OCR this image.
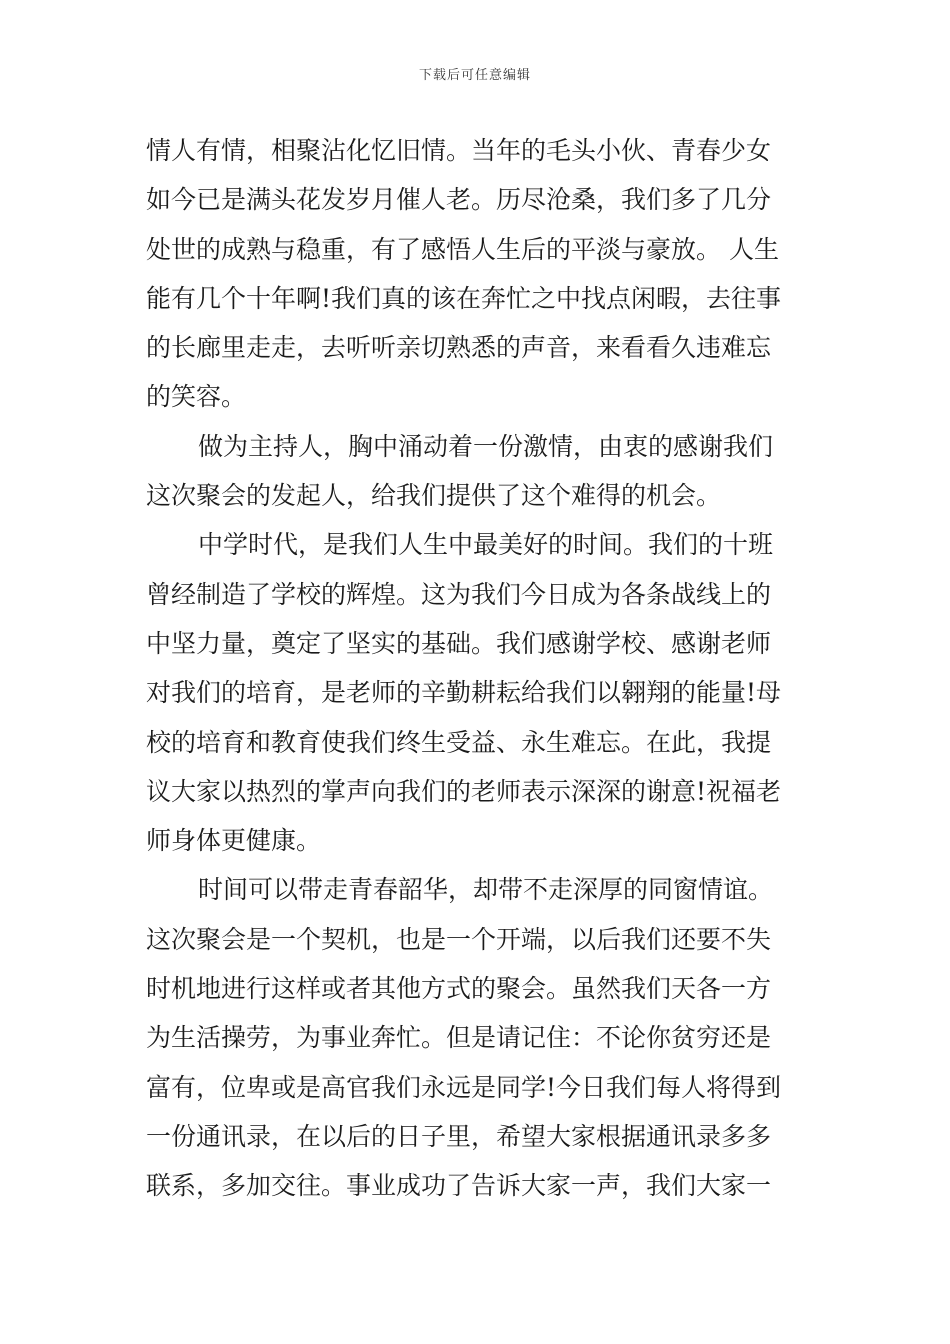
下载后可任意编辑
情人有情，相聚沾化忆旧情。当年的毛头小伙、青春少女
如今已是满头花发岁月催人老。历尽沧桑，我们多了几分
处世的成熟与稳重，有了感悟人生后的平淡与豪放。 人生
能有几个十年啊!我们真的该在奔忙之中找点闲暇，去往事
的长廊里走走，去听听亲切熟悉的声音，来看看久违难忘
的笑容。
做为主持人，胸中涌动着一份激情，由衷的感谢我们
这次聚会的发起人，给我们提供了这个难得的机会。
中学时代，是我们人生中最美好的时间。我们的十班
曾经制造了学校的辉煌。这为我们今日成为各条战线上的
中坚力量，奠定了坚实的基础。我们感谢学校、感谢老师
对我们的培育，是老师的辛勤耕耘给我们以翱翔的能量!母
校的培育和教育使我们终生受益、永生难忘。在此，我提
议大家以热烈的掌声向我们的老师表示深深的谢意!祝福老
师身体更健康。
时间可以带走青春韶华，却带不走深厚的同窗情谊。
这次聚会是一个契机，也是一个开端，以后我们还要不失
时机地进行这样或者其他方式的聚会。虽然我们天各一方
为生活操劳，为事业奔忙。但是请记住：不论你贫穷还是
富有，位卑或是高官我们永远是同学!今日我们每人将得到
一份通讯录，在以后的日子里，希望大家根据通讯录多多
联系，多加交往。事业成功了告诉大家一声，我们大家一
